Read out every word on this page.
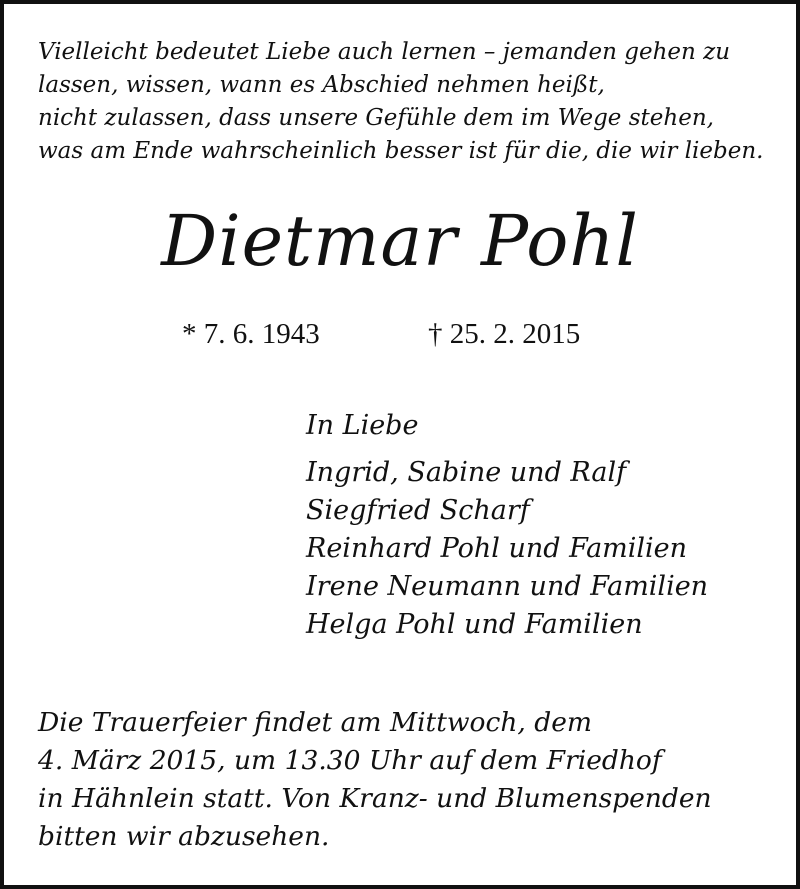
Vielleicht bedeutet Liebe auch lernen – jemanden gehen zu
lassen, wissen, wann es Abschied nehmen heißt,
nicht zulassen, dass unsere Gefühle dem im Wege stehen,
was am Ende wahrscheinlich besser ist für die, die wir lieben.
Dietmar Pohl
* 7. 6. 1943	† 25. 2. 2015
In Liebe
Ingrid, Sabine und Ralf
Siegfried Scharf
Reinhard Pohl und Familien
Irene Neumann und Familien
Helga Pohl und Familien
Die Trauerfeier findet am Mittwoch, dem
4. März 2015, um 13.30 Uhr auf dem Friedhof
in Hähnlein statt. Von Kranz- und Blumenspenden
bitten wir abzusehen.
